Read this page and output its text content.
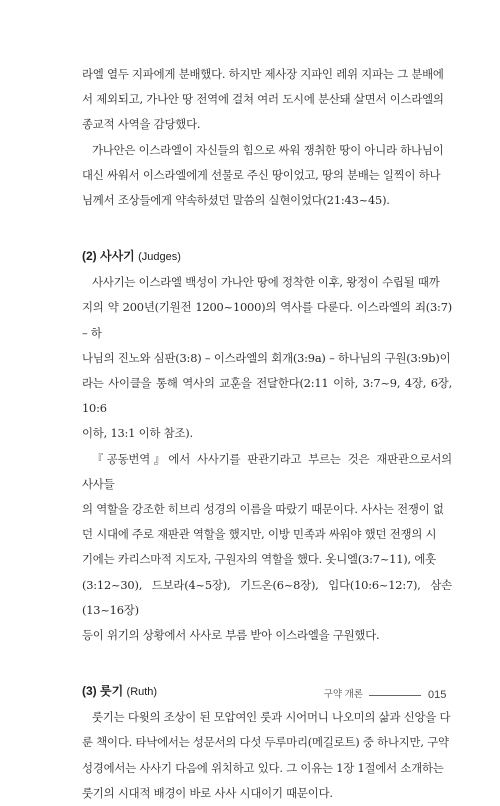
라엘 열두 지파에게 분배했다. 하지만 제사장 지파인 레위 지파는 그 분배에
서 제외되고, 가나안 땅 전역에 걸쳐 여러 도시에 분산돼 살면서 이스라엘의
종교적 사역을 감당했다.

가나안은 이스라엘이 자신들의 힘으로 싸워 쟁취한 땅이 아니라 하나님이
대신 싸워서 이스라엘에게 선물로 주신 땅이었고, 땅의 분배는 일찍이 하나
님께서 조상들에게 약속하셨던 말씀의 실현이었다(21:43~45).

(2) 사사기 (Judges)

사사기는 이스라엘 백성이 가나안 땅에 정착한 이후, 왕정이 수립될 때까
지의 약 200년(기원전 1200~1000)의 역사를 다룬다. 이스라엘의 죄(3:7) – 하
나님의 진노와 심판(3:8) – 이스라엘의 회개(3:9a) – 하나님의 구원(3:9b)이
라는 사이클을 통해 역사의 교훈을 전달한다(2:11 이하, 3:7~9, 4장, 6장, 10:6
이하, 13:1 이하 참조).

『공동번역』에서 사사기를 판관기라고 부르는 것은 재판관으로서의 사사들
의 역할을 강조한 히브리 성경의 이름을 따랐기 때문이다. 사사는 전쟁이 없
던 시대에 주로 재판관 역할을 했지만, 이방 민족과 싸워야 했던 전쟁의 시
기에는 카리스마적 지도자, 구원자의 역할을 했다. 옷니엘(3:7~11), 에훗
(3:12~30), 드보라(4~5장), 기드온(6~8장), 입다(10:6~12:7), 삼손(13~16장)
등이 위기의 상황에서 사사로 부름 받아 이스라엘을 구원했다.

(3) 룻기 (Ruth)

룻기는 다윗의 조상이 된 모압여인 룻과 시어머니 나오미의 삶과 신앙을 다
룬 책이다. 타낙에서는 성문서의 다섯 두루마리(메길로트) 중 하나지만, 구약
성경에서는 사사기 다음에 위치하고 있다. 그 이유는 1장 1절에서 소개하는
룻기의 시대적 배경이 바로 사사 시대이기 때문이다.

구약 개론	015
